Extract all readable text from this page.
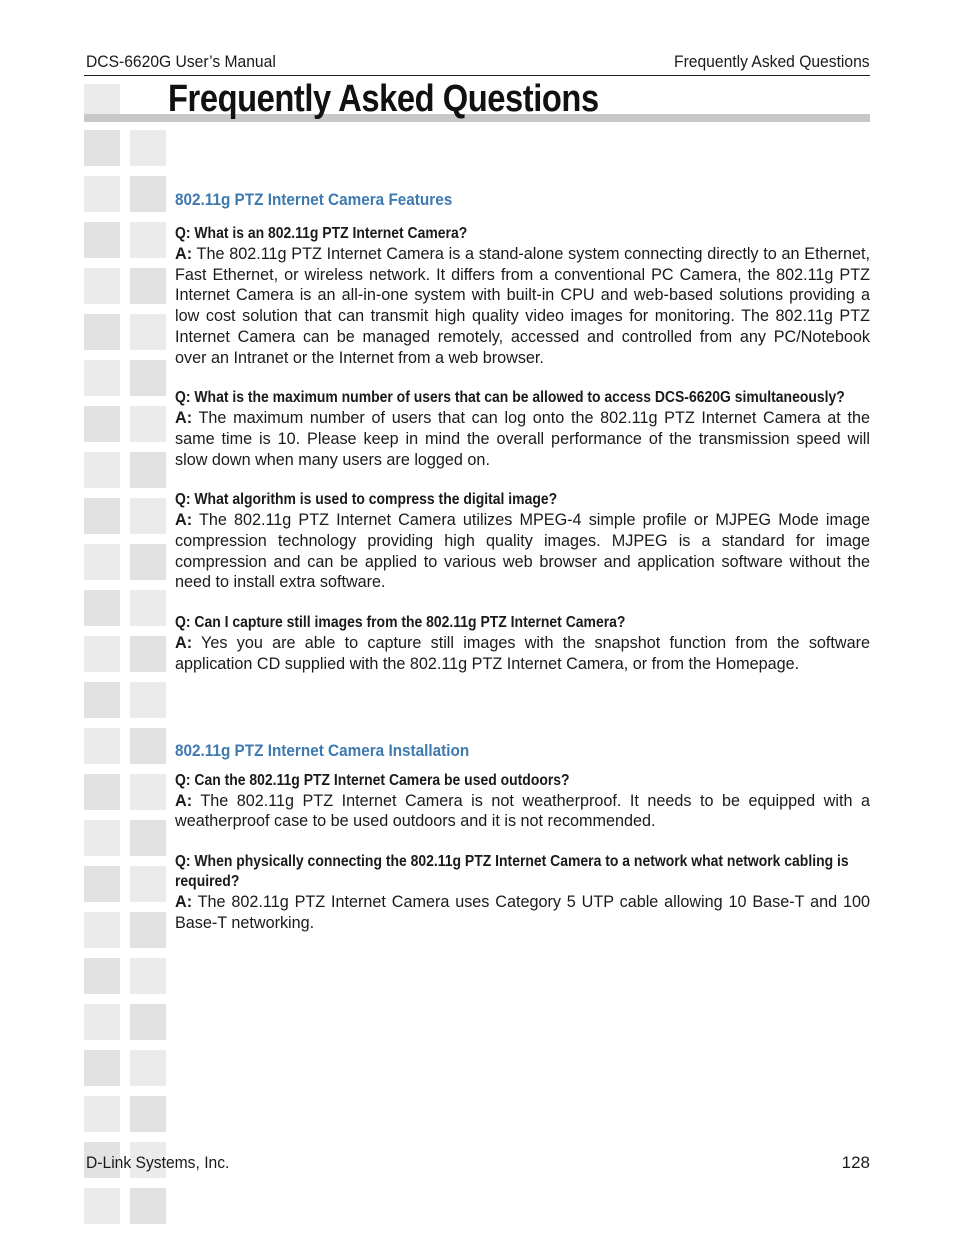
DCS-6620G User’s Manual	Frequently Asked Questions
Frequently Asked Questions
802.11g PTZ Internet Camera Features

Q: What is an 802.11g PTZ Internet Camera?

A: The 802.11g PTZ Internet Camera is a stand-alone system connecting directly to an Ethernet, Fast Ethernet, or wireless network. It differs from a conventional PC Camera, the 802.11g PTZ Internet Camera is an all-in-one system with built-in CPU and web-based solutions providing a low cost solution that can transmit high quality video images for monitoring. The 802.11g PTZ Internet Camera can be managed remotely, accessed and controlled from any PC/Notebook over an Intranet or the Internet from a web browser.

Q: What is the maximum number of users that can be allowed to access DCS-6620G simultaneously?

A: The maximum number of users that can log onto the 802.11g PTZ Internet Camera at the same time is 10. Please keep in mind the overall performance of the transmission speed will slow down when many users are logged on.

Q: What algorithm is used to compress the digital image?

A: The 802.11g PTZ Internet Camera utilizes MPEG-4 simple profile or MJPEG Mode image compression technology providing high quality images. MJPEG is a standard for image compression and can be applied to various web browser and application software without the need to install extra software.

Q: Can I capture still images from the 802.11g PTZ Internet Camera?

A: Yes you are able to capture still images with the snapshot function from the software application CD supplied with the 802.11g PTZ Internet Camera, or from the Homepage.

802.11g PTZ Internet Camera Installation

Q: Can the 802.11g PTZ Internet Camera be used outdoors?

A: The 802.11g PTZ Internet Camera is not weatherproof. It needs to be equipped with a weatherproof case to be used outdoors and it is not recommended.

Q: When physically connecting the 802.11g PTZ Internet Camera to a network what network cabling is required?

A: The 802.11g PTZ Internet Camera uses Category 5 UTP cable allowing 10 Base-T and 100 Base-T networking.

D-Link Systems, Inc.	128
